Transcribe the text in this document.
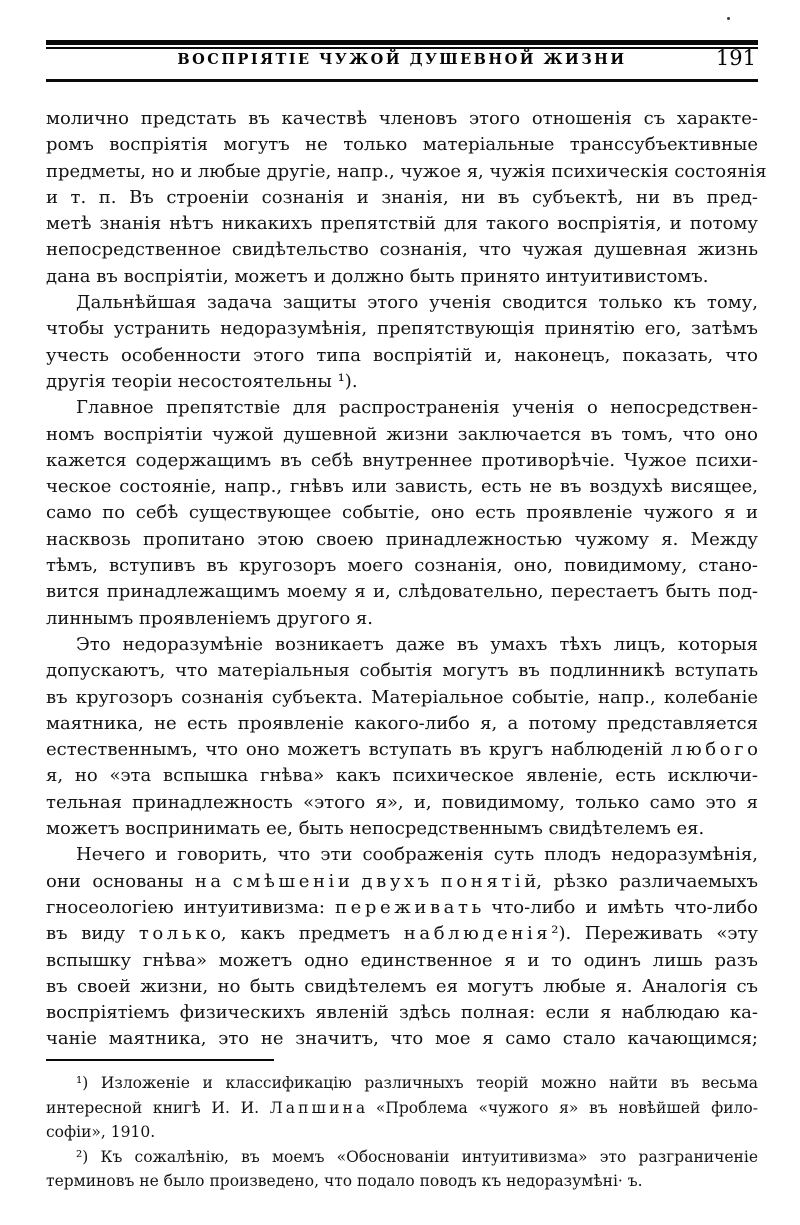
ВОСПРІЯТІЕ ЧУЖОЙ ДУШЕВНОЙ ЖИЗНИ	191
молично предстать въ качествѣ членовъ этого отношенія съ характе-
ромъ воспріятія могутъ не только матеріальные транссубъективные
предметы, но и любые другіе, напр., чужое я, чужія психическія состоянія
и т. п. Въ строеніи сознанія и знанія, ни въ субъектѣ, ни въ пред-
метѣ знанія нѣтъ никакихъ препятствій для такого воспріятія, и потому
непосредственное свидѣтельство сознанія, что чужая душевная жизнь
дана въ воспріятіи, можетъ и должно быть принято интуитивистомъ.
Дальнѣйшая задача защиты этого ученія сводится только къ тому,
чтобы устранить недоразумѣнія, препятствующія принятію его, затѣмъ
учесть особенности этого типа воспріятій и, наконецъ, показать, что
другія теоріи несостоятельны ¹).
Главное препятствіе для распространенія ученія о непосредствен-
номъ воспріятіи чужой душевной жизни заключается въ томъ, что оно
кажется содержащимъ въ себѣ внутреннее противорѣчіе. Чужое психи-
ческое состояніе, напр., гнѣвъ или зависть, есть не въ воздухѣ висящее,
само по себѣ существующее событіе, оно есть проявленіе чужого я и
насквозь пропитано этою своею принадлежностью чужому я. Между
тѣмъ, вступивъ въ кругозоръ моего сознанія, оно, повидимому, стано-
вится принадлежащимъ моему я и, слѣдовательно, перестаетъ быть под-
линнымъ проявленіемъ другого я.
Это недоразумѣніе возникаетъ даже въ умахъ тѣхъ лицъ, которыя
допускаютъ, что матеріальныя событія могутъ въ подлинникѣ вступать
въ кругозоръ сознанія субъекта. Матеріальное событіе, напр., колебаніе
маятника, не есть проявленіе какого-либо я, а потому представляется
естественнымъ, что оно можетъ вступать въ кругъ наблюденій л ю б о г о
я, но «эта вспышка гнѣва» какъ психическое явленіе, есть исключи-
тельная принадлежность «этого я», и, повидимому, только само это я
можетъ воспринимать ее, быть непосредственнымъ свидѣтелемъ ея.
Нечего и говорить, что эти соображенія суть плодъ недоразумѣнія,
они основаны н а с м ѣ ш е н і и д в у х ъ п о н я т і й, рѣзко различаемыхъ
гносеологіею интуитивизма: п е р е ж и в а т ь что-либо и имѣть что-либо
въ виду т о л ь к о, какъ предметъ н а б л ю д е н і я ²). Переживать «эту
вспышку гнѣва» можетъ одно единственное я и то одинъ лишь разъ
въ своей жизни, но быть свидѣтелемъ ея могутъ любые я. Аналогія съ
воспріятіемъ физическихъ явленій здѣсь полная: если я наблюдаю ка-
чаніе маятника, это не значитъ, что мое я само стало качающимся;
¹) Изложеніе и классификацію различныхъ теорій можно найти въ весьма
интересной книгѣ И. И. Л а п ш и н а «Проблема «чужого я» въ новѣйшей фило-
софіи», 1910.
²) Къ сожалѣнію, въ моемъ «Обоснованіи интуитивизма» это разграниченіе
терминовъ не было произведено, что подало поводъ къ недоразумѣні· ъ.
